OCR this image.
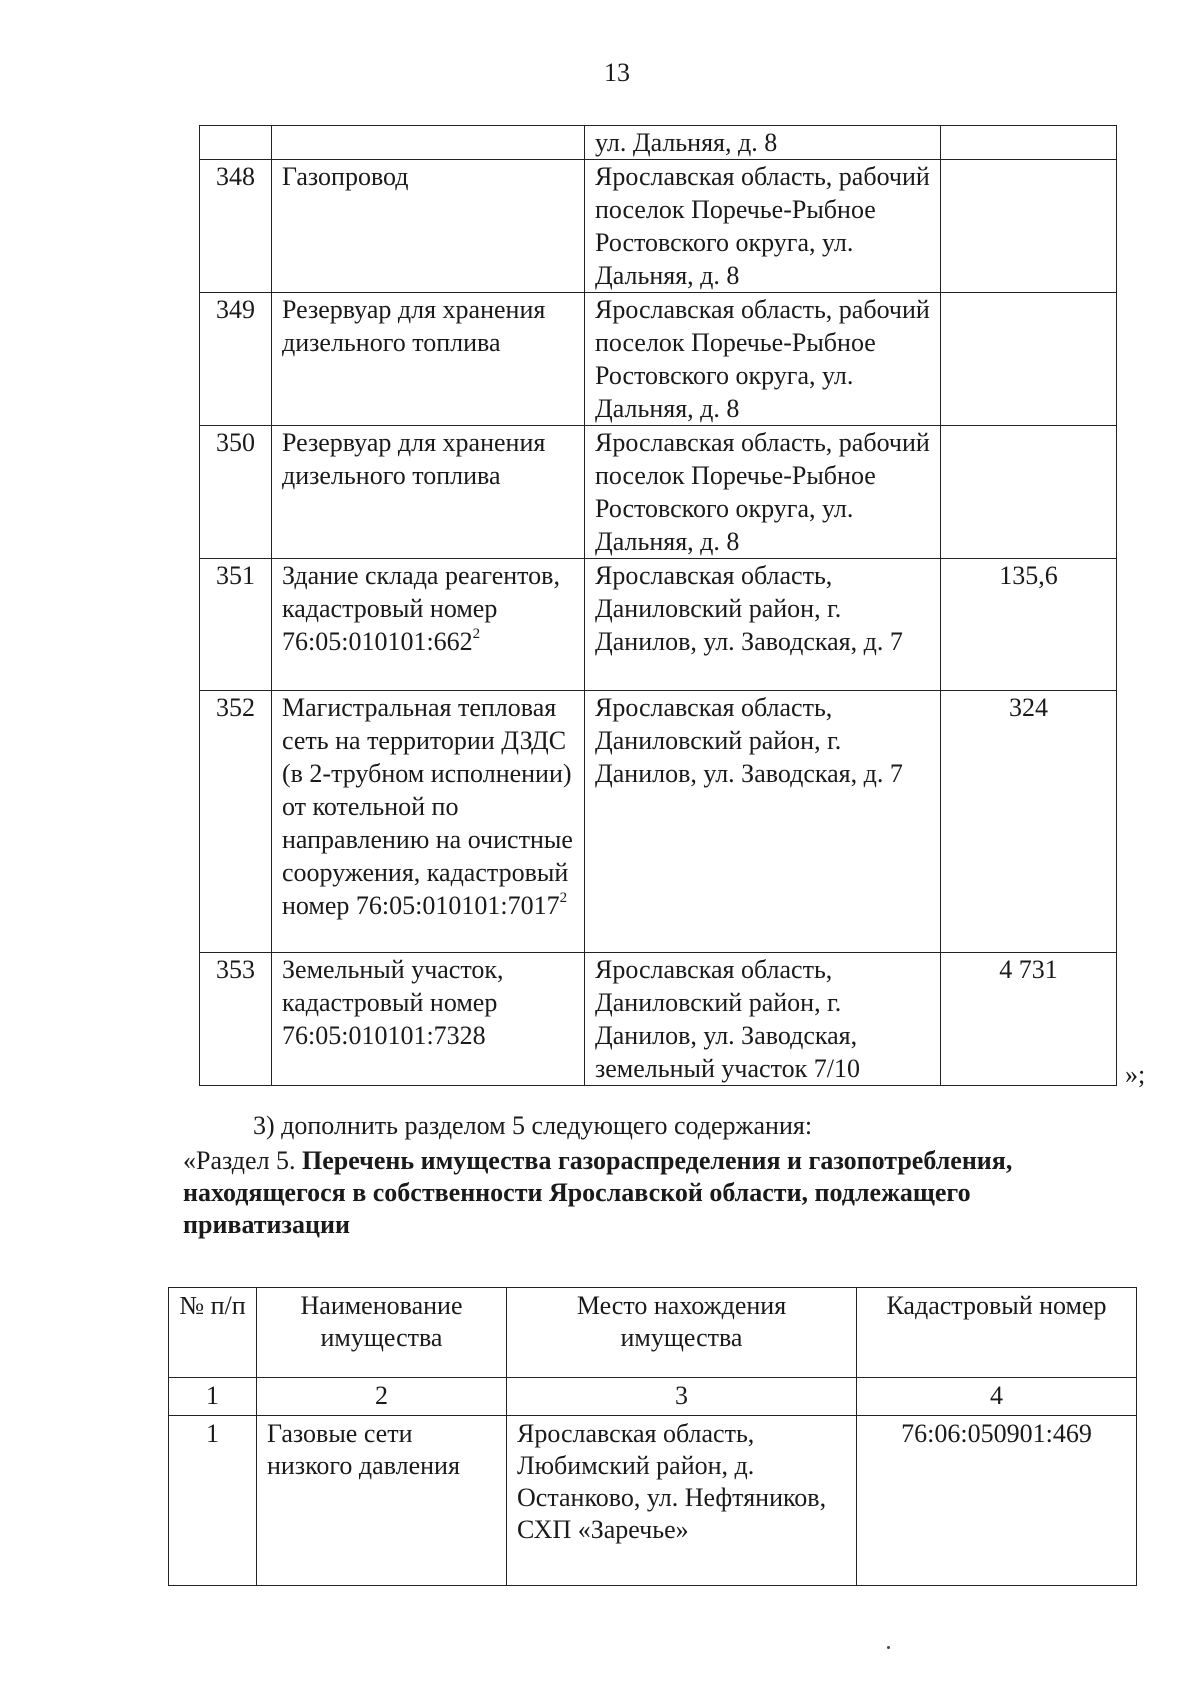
13
		ул. Дальняя, д. 8	
348	Газопровод	Ярославская область, рабочий поселок Поречье-Рыбное Ростовского округа, ул. Дальняя, д. 8	
349	Резервуар для хранения дизельного топлива	Ярославская область, рабочий поселок Поречье-Рыбное Ростовского округа, ул. Дальняя, д. 8	
350	Резервуар для хранения дизельного топлива	Ярославская область, рабочий поселок Поречье-Рыбное Ростовского округа, ул. Дальняя, д. 8	
351	Здание склада реагентов, кадастровый номер $76:05:010101:662^2$	Ярославская область, Даниловский район, г. Данилов, ул. Заводская, д. 7	135,6
352	Магистральная тепловая сеть на территории ДЗДС (в 2-трубном исполнении) от котельной по направлению на очистные сооружения, кадастровый номер 76:05:010101:7017$^2$	Ярославская область, Даниловский район, г. Данилов, ул. Заводская, д. 7	324
353	Земельный участок, кадастровый номер 76:05:010101:7328	Ярославская область, Даниловский район, г. Данилов, ул. Заводская, земельный участок 7/10	4 731
»;
3) дополнить разделом 5 следующего содержания:
«Раздел 5. Перечень имущества газораспределения и газопотребления, находящегося в собственности Ярославской области, подлежащего приватизации
№ п/п	Наименование имущества	Место нахождения имущества	Кадастровый номер
1	2	3	4
1	Газовые сети низкого давления	Ярославская область, Любимский район, д. Останково, ул. Нефтяников, СХП «Заречье»	76:06:050901:469
